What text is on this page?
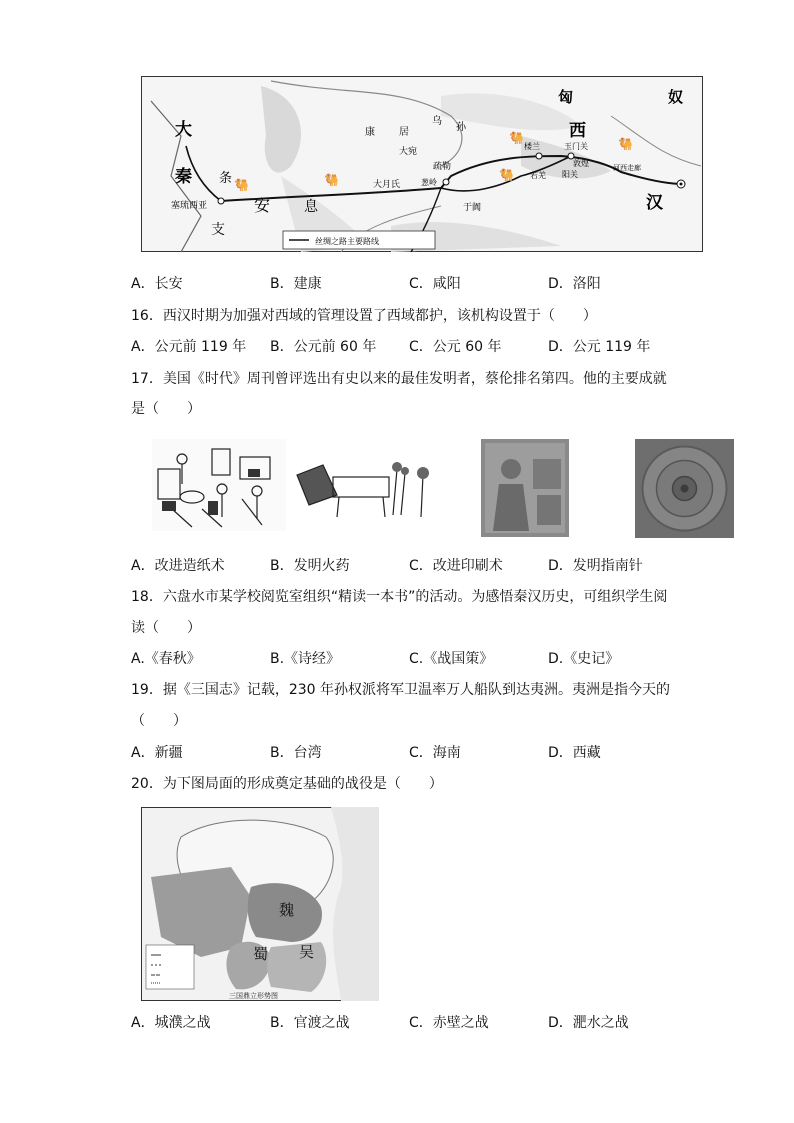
丝绸之路主要路线
大
秦 条
支
安 息
匈	奴
西
汉
康 居
乌
孙
大宛
疏勒
大月氏	葱岭
于阗
楼兰	玉门关
敦煌
阳关
若羌
河西走廊
塞琉西亚
🐫	🐫	🐫
🐫	🐫
A．长安	B．建康	C．咸阳	D．洛阳
16．西汉时期为加强对西域的管理设置了西域都护，该机构设置于（　　）
A．公元前 119 年 B．公元前 60 年 C．公元 60 年	D．公元 119 年
17．美国《时代》周刊曾评选出有史以来的最佳发明者，蔡伦排名第四。他的主要成就
是（　　）
A．改进造纸术	B．发明火药	C．改进印刷术	D．发明指南针
18．六盘水市某学校阅览室组织“精读一本书”的活动。为感悟秦汉历史，可组织学生阅
读（　　）
A.《春秋》	B.《诗经》	C.《战国策》	D.《史记》
19．据《三国志》记载，230 年孙权派将军卫温率万人船队到达夷洲。夷洲是指今天的
（　　）
A．新疆	B．台湾	C．海南	D．西藏
20．为下图局面的形成奠定基础的战役是（　　）
魏
蜀 吴
三国鼎立形势图
A．城濮之战	B．官渡之战	C．赤壁之战	D．淝水之战
